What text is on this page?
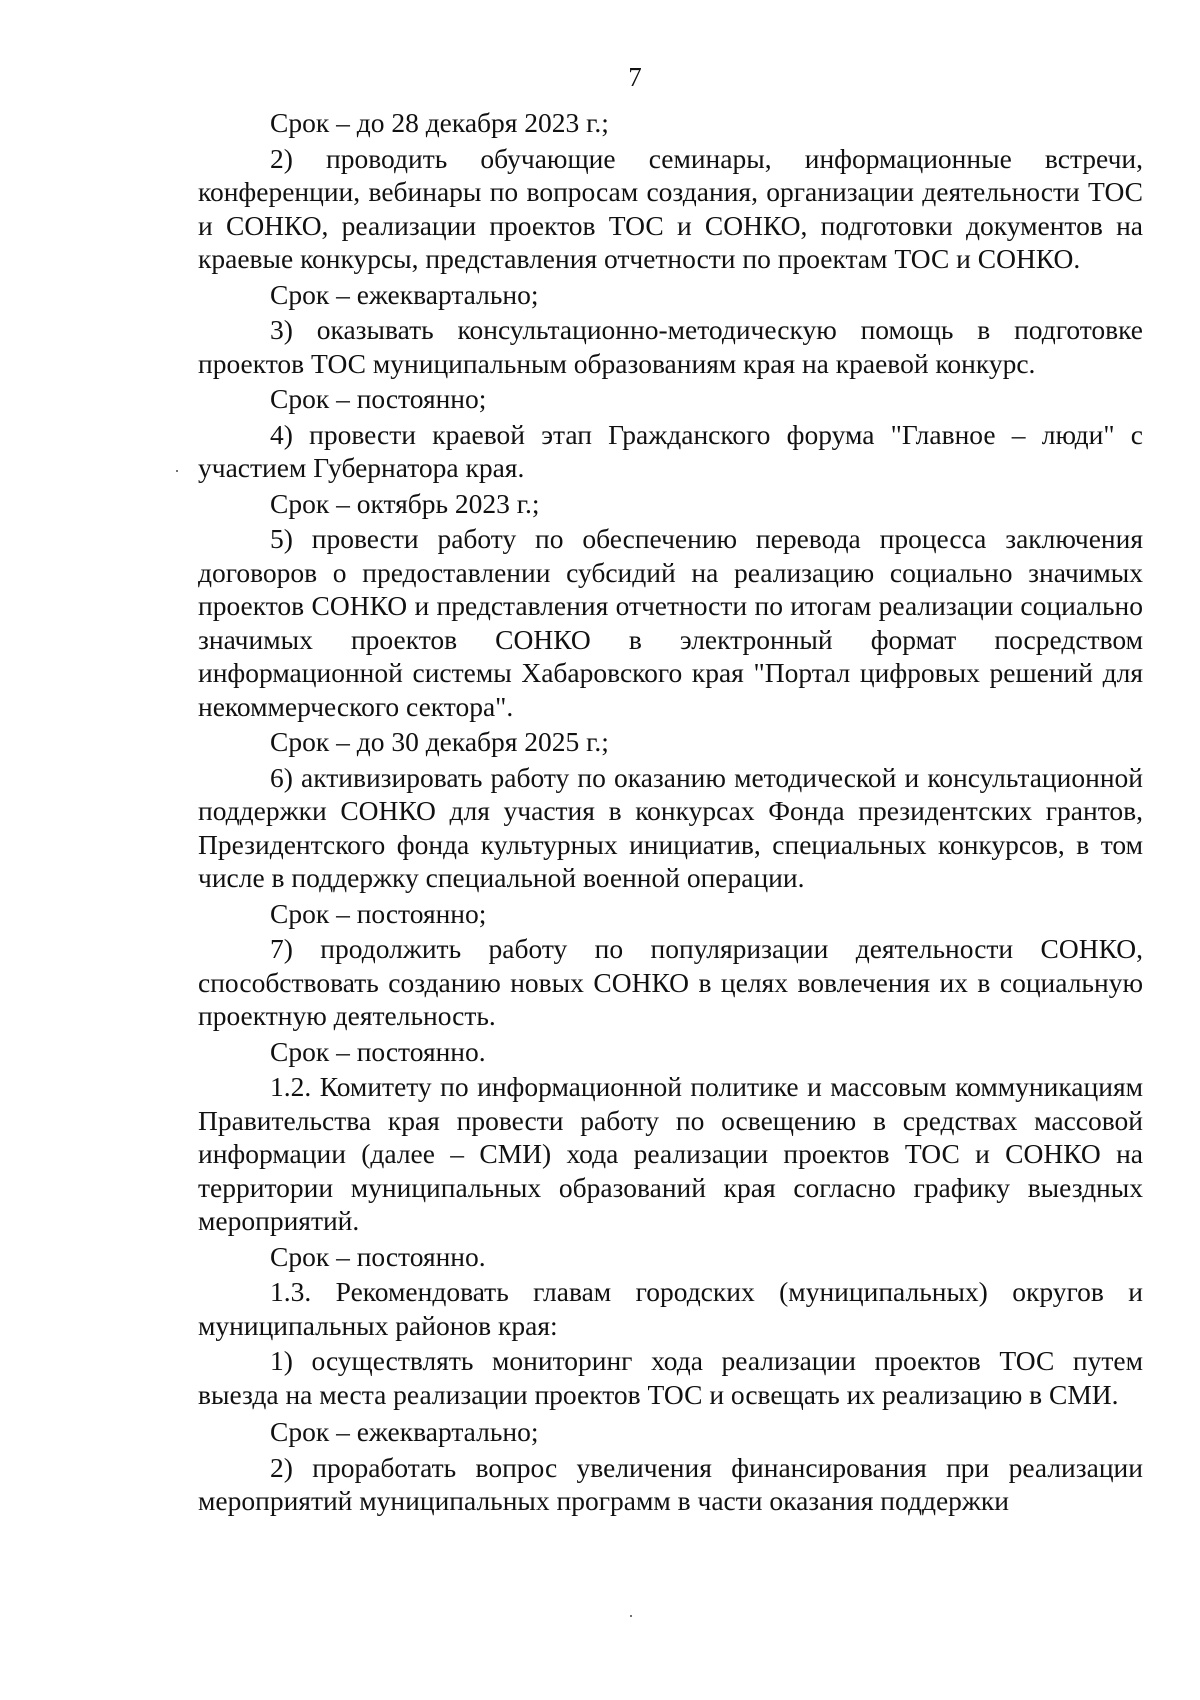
7

Срок – до 28 декабря 2023 г.;

2) проводить обучающие семинары, информационные встречи, конференции, вебинары по вопросам создания, организации деятельности ТОС и СОНКО, реализации проектов ТОС и СОНКО, подготовки документов на краевые конкурсы, представления отчетности по проектам ТОС и СОНКО.

Срок – ежеквартально;

3) оказывать консультационно-методическую помощь в подготовке проектов ТОС муниципальным образованиям края на краевой конкурс.

Срок – постоянно;

4) провести краевой этап Гражданского форума "Главное – люди" с участием Губернатора края.

Срок – октябрь 2023 г.;

5) провести работу по обеспечению перевода процесса заключения договоров о предоставлении субсидий на реализацию социально значимых проектов СОНКО и представления отчетности по итогам реализации социально значимых проектов СОНКО в электронный формат посредством информационной системы Хабаровского края "Портал цифровых решений для некоммерческого сектора".

Срок – до 30 декабря 2025 г.;

6) активизировать работу по оказанию методической и консультационной поддержки СОНКО для участия в конкурсах Фонда президентских грантов, Президентского фонда культурных инициатив, специальных конкурсов, в том числе в поддержку специальной военной операции.

Срок – постоянно;

7) продолжить работу по популяризации деятельности СОНКО, способствовать созданию новых СОНКО в целях вовлечения их в социальную проектную деятельность.

Срок – постоянно.

1.2. Комитету по информационной политике и массовым коммуникациям Правительства края провести работу по освещению в средствах массовой информации (далее – СМИ) хода реализации проектов ТОС и СОНКО на территории муниципальных образований края согласно графику выездных мероприятий.

Срок – постоянно.

1.3. Рекомендовать главам городских (муниципальных) округов и муниципальных районов края:

1) осуществлять мониторинг хода реализации проектов ТОС путем выезда на места реализации проектов ТОС и освещать их реализацию в СМИ.

Срок – ежеквартально;

2) проработать вопрос увеличения финансирования при реализации мероприятий муниципальных программ в части оказания поддержки
